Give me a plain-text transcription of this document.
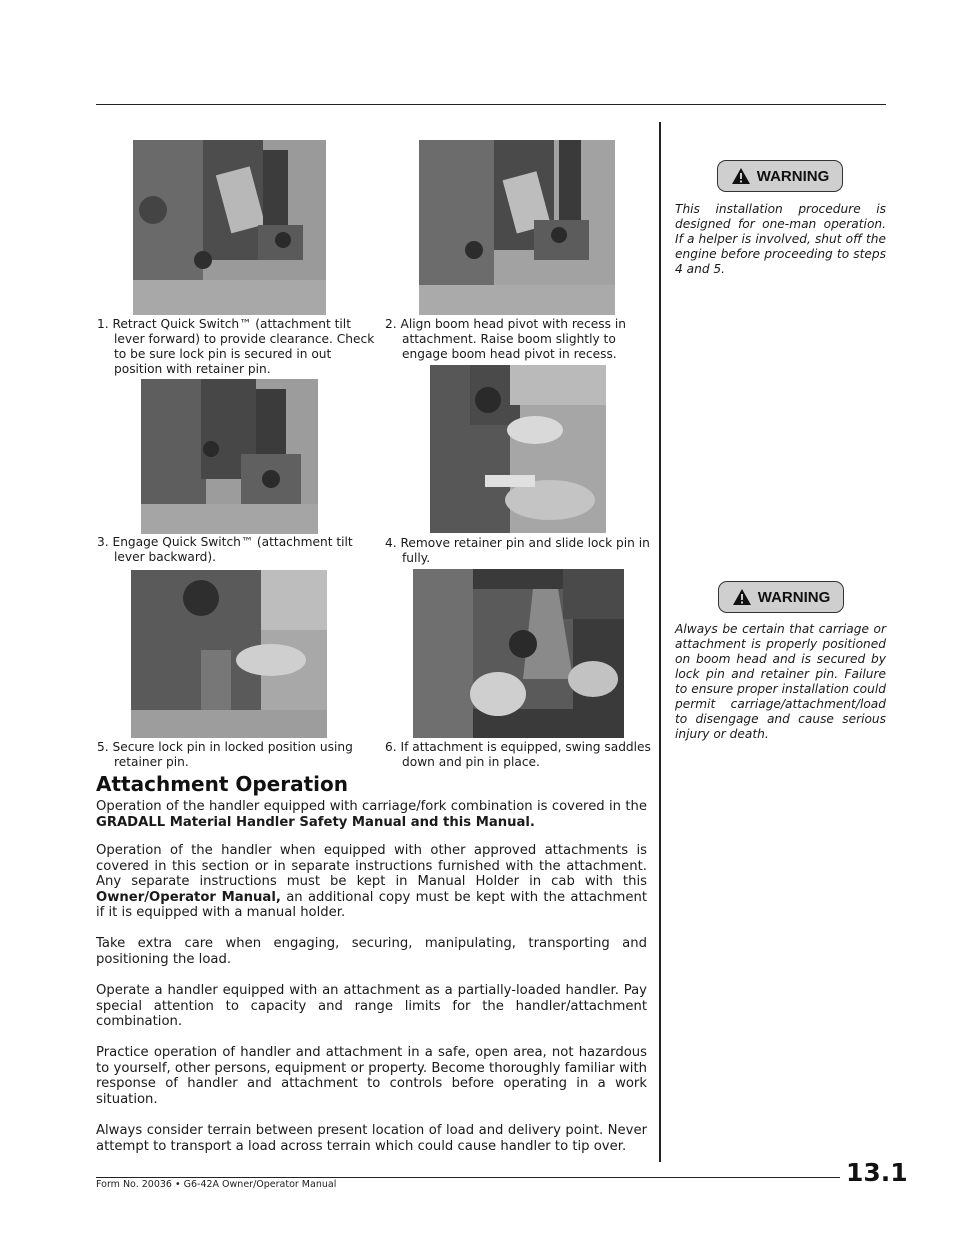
1. Retract Quick Switch™ (attachment tilt lever forward) to provide clearance. Check to be sure lock pin is secured in out position with retainer pin.
2. Align boom head pivot with recess in attachment. Raise boom slightly to engage boom head pivot in recess.
3. Engage Quick Switch™ (attachment tilt lever backward).
4. Remove retainer pin and slide lock pin in fully.
5. Secure lock pin in locked position using retainer pin.
6. If attachment is equipped, swing saddles down and pin in place.
Attachment Operation

Operation of the handler equipped with carriage/fork combination is covered in the GRADALL Material Handler Safety Manual and this Manual.

Operation of the handler when equipped with other approved attachments is covered in this section or in separate instructions furnished with the attachment. Any separate instructions must be kept in Manual Holder in cab with this Owner/Operator Manual, an additional copy must be kept with the attachment if it is equipped with a manual holder.

Take extra care when engaging, securing, manipulating, transporting and positioning the load.

Operate a handler equipped with an attachment as a partially-loaded handler. Pay special attention to capacity and range limits for the handler/attachment combination.

Practice operation of handler and attachment in a safe, open area, not hazardous to yourself, other persons, equipment or property. Become thoroughly familiar with response of handler and attachment to controls before operating in a work situation.

Always consider terrain between present location of load and delivery point. Never attempt to transport a load across terrain which could cause handler to tip over.

WARNING

This installation procedure is designed for one-man operation. If a helper is involved, shut off the engine before proceeding to steps 4 and 5.

WARNING

Always be certain that carriage or attachment is properly positioned on boom head and is secured by lock pin and retainer pin. Failure to ensure proper installation could permit carriage/attachment/load to disengage and cause serious injury or death.

Form No. 20036 • G6-42A Owner/Operator Manual	13.1
